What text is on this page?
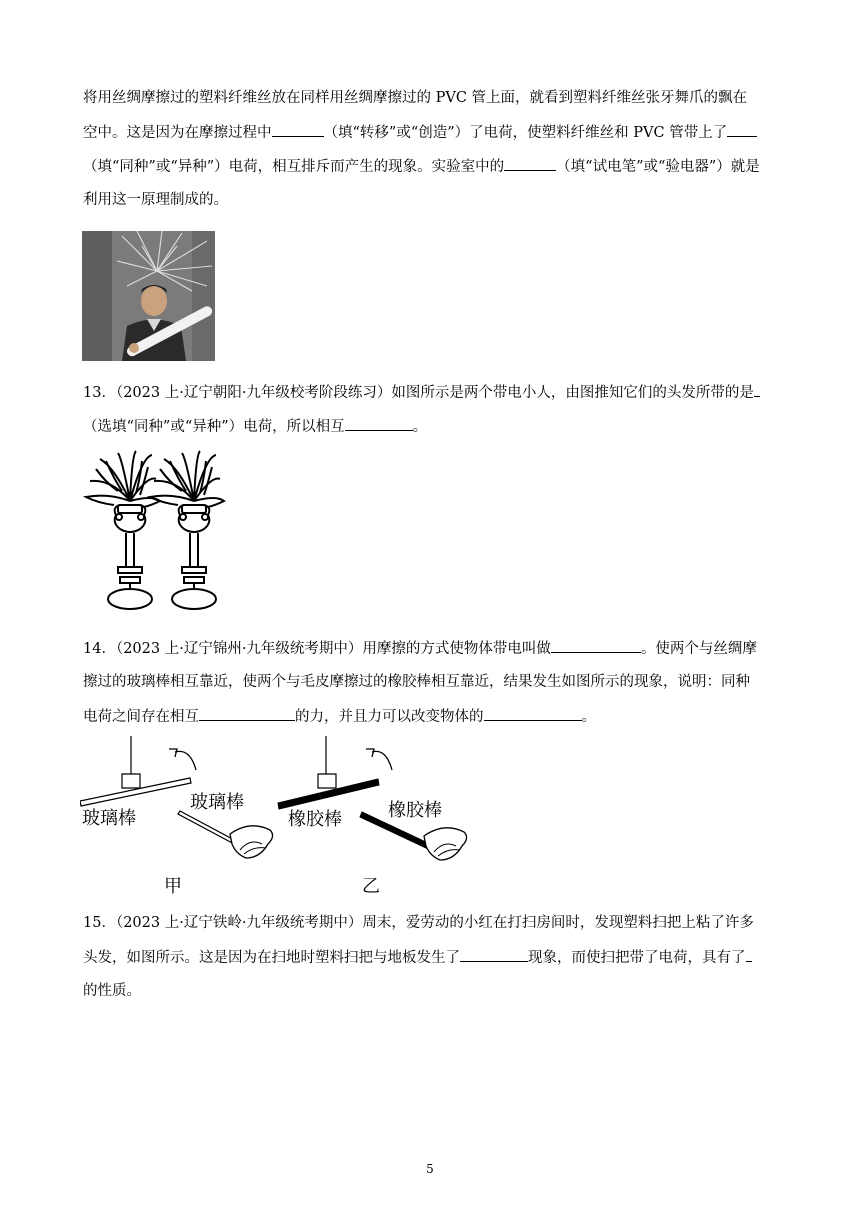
将用丝绸摩擦过的塑料纤维丝放在同样用丝绸摩擦过的 PVC 管上面，就看到塑料纤维丝张牙舞爪的飘在
空中。这是因为在摩擦过程中	（填“转移”或“创造”）了电荷，使塑料纤维丝和 PVC 管带上了
（填“同种”或“异种”）电荷，相互排斥而产生的现象。实验室中的	（填“试电笔”或“验电器”）就是
利用这一原理制成的。
13．（2023 上·辽宁朝阳·九年级校考阶段练习）如图所示是两个带电小人，由图推知它们的头发所带的是
（选填“同种”或“异种”）电荷，所以相互	。
14．（2023 上·辽宁锦州·九年级统考期中）用摩擦的方式使物体带电叫做	。使两个与丝绸摩
擦过的玻璃棒相互靠近，使两个与毛皮摩擦过的橡胶棒相互靠近，结果发生如图所示的现象，说明：同种
电荷之间存在相互	的力，并且力可以改变物体的	。
玻璃棒
玻璃棒
甲
橡胶棒	橡胶棒
乙
15．（2023 上·辽宁铁岭·九年级统考期中）周末，爱劳动的小红在打扫房间时，发现塑料扫把上粘了许多
头发，如图所示。这是因为在扫地时塑料扫把与地板发生了	现象，而使扫把带了电荷，具有了
的性质。
5
